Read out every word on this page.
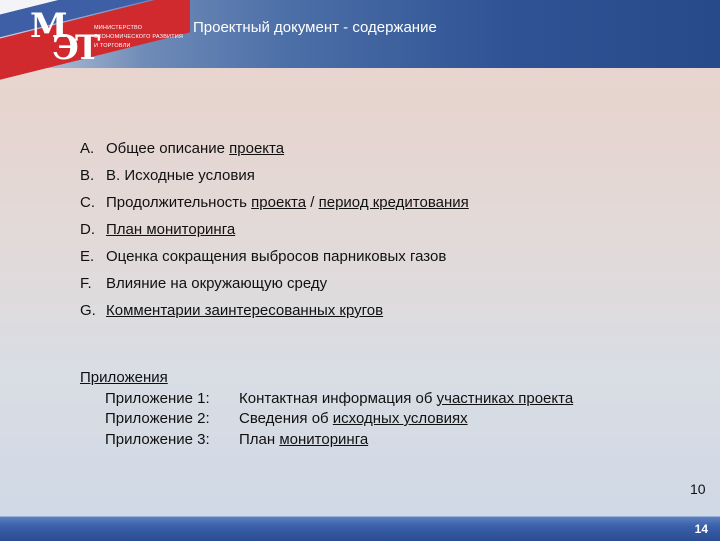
М
ЭТ
МИНИСТЕРСТВО
ЭКОНОМИЧЕСКОГО РАЗВИТИЯ
И ТОРГОВЛИ
Проектный документ - содержание
A. Общее описание проекта
B. B. Исходные условия
C. Продолжительность проекта / период кредитования
D. План мониторинга
E. Оценка сокращения выбросов парниковых газов
F. Влияние на окружающую среду
G. Комментарии заинтересованных кругов
Приложения
Приложение 1: Контактная информация об участниках проекта
Приложение 2: Сведения об исходных условиях
Приложение 3: План мониторинга
10
14
